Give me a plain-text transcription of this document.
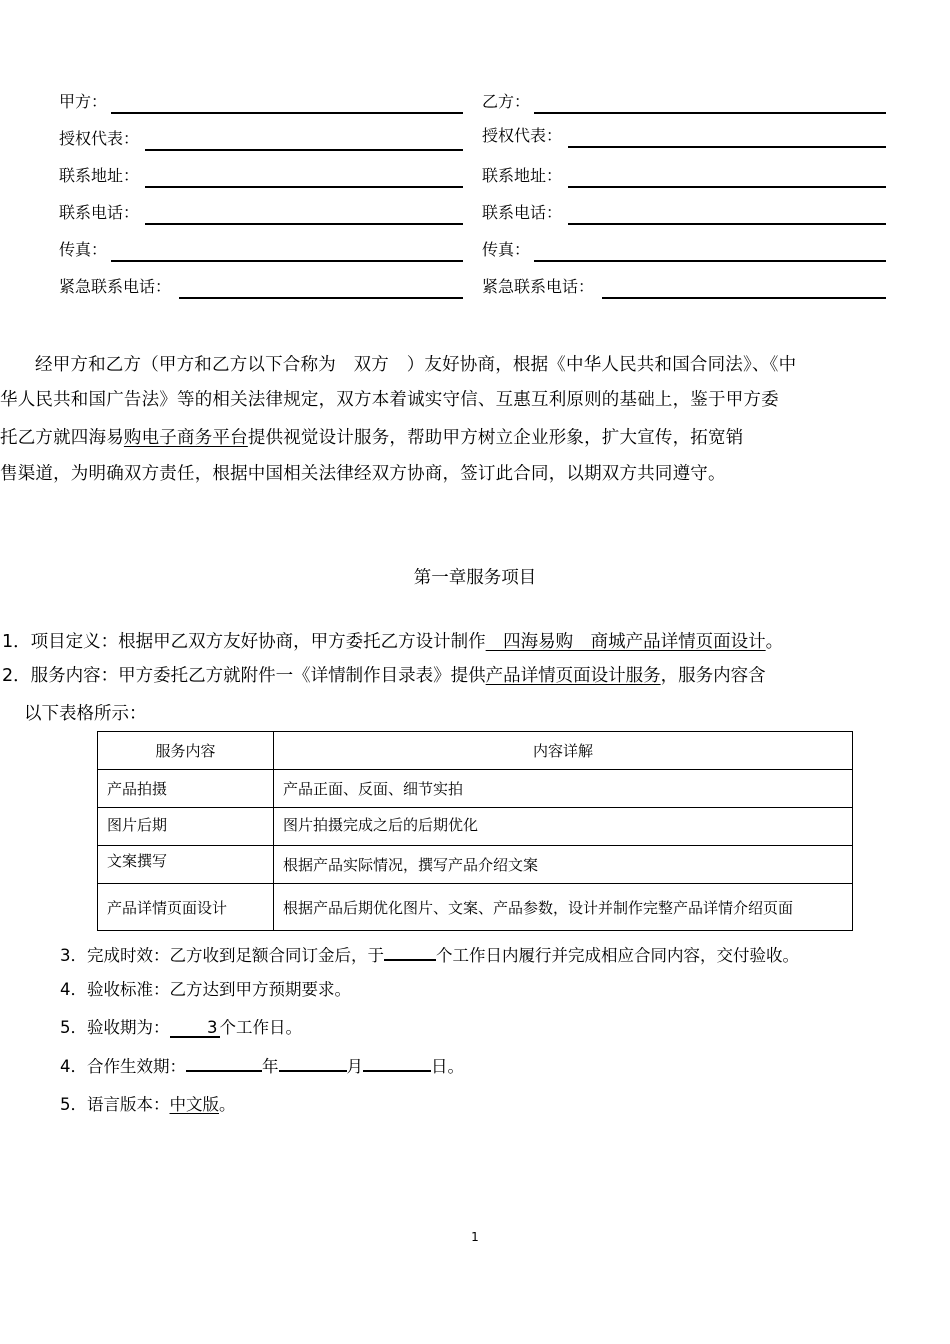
甲方：
授权代表：
联系地址：
联系电话：
传真：
紧急联系电话：
乙方：
授权代表：
联系地址：
联系电话：
传真：
紧急联系电话：
经甲方和乙方（甲方和乙方以下合称为　双方　）友好协商，根据《中华人民共和国合同法》、《中
华人民共和国广告法》等的相关法律规定，双方本着诚实守信、互惠互利原则的基础上，鉴于甲方委
托乙方就四海易购电子商务平台提供视觉设计服务，帮助甲方树立企业形象，扩大宣传，拓宽销
售渠道，为明确双方责任，根据中国相关法律经双方协商，签订此合同，以期双方共同遵守。
第一章服务项目
1．项目定义：根据甲乙双方友好协商，甲方委托乙方设计制作　四海易购　商城产品详情页面设计。
2．服务内容：甲方委托乙方就附件一《详情制作目录表》提供产品详情页面设计服务，服务内容含
以下表格所示：
服务内容	内容详解
产品拍摄	产品正面、反面、细节实拍
图片后期	图片拍摄完成之后的后期优化
文案撰写	根据产品实际情况，撰写产品介绍文案
产品详情页面设计	根据产品后期优化图片、文案、产品参数，设计并制作完整产品详情介绍页面
3．完成时效：乙方收到足额合同订金后，于	个工作日内履行并完成相应合同内容，交付验收。
4．验收标准：乙方达到甲方预期要求。
5．验收期为： 3 个工作日。
4．合作生效期：	年	月	日。
5．语言版本：中文版。
1
